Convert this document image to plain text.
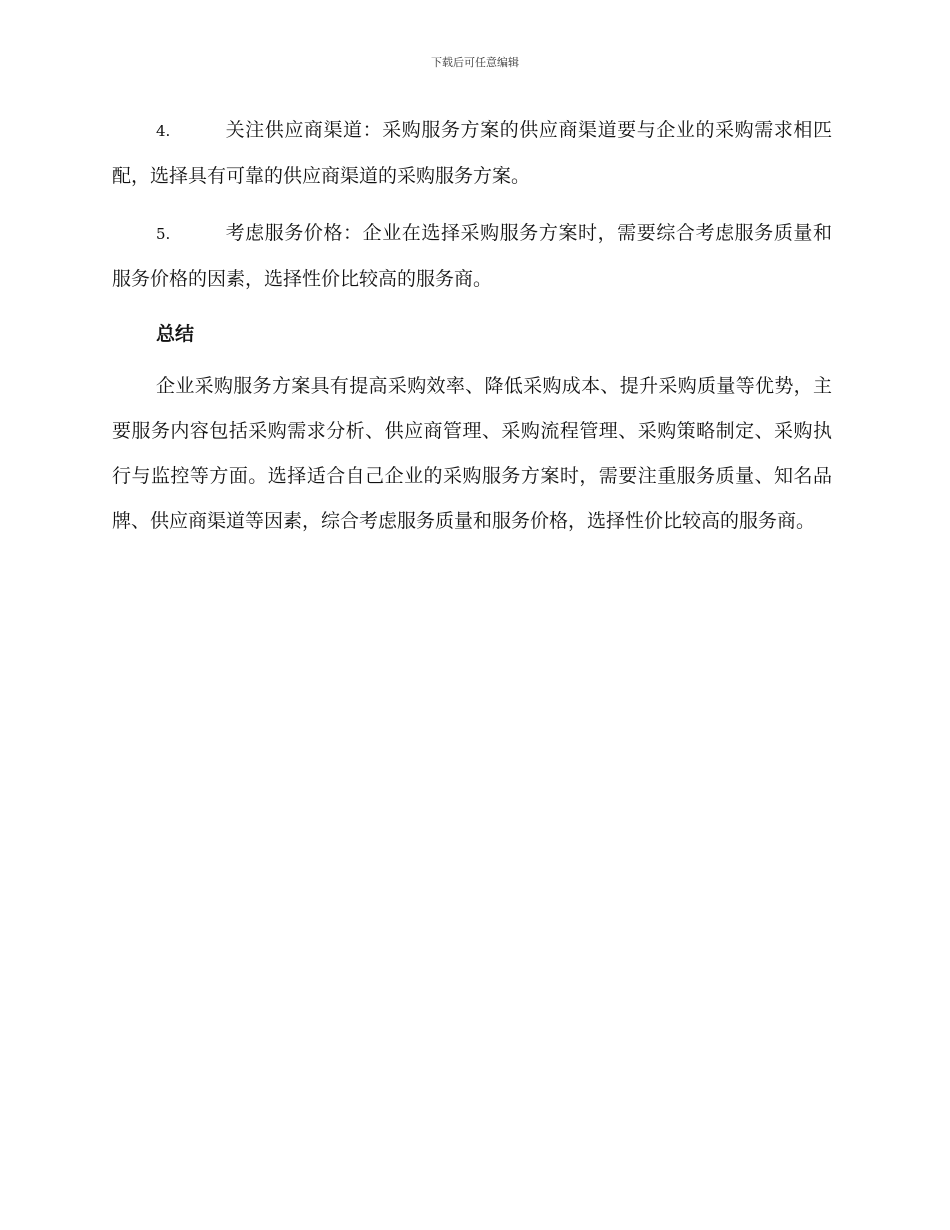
下载后可任意编辑

4.	关注供应商渠道：采购服务方案的供应商渠道要与企业的采购需求相匹配，选择具有可靠的供应商渠道的采购服务方案。

5.	考虑服务价格：企业在选择采购服务方案时，需要综合考虑服务质量和服务价格的因素，选择性价比较高的服务商。

总结

企业采购服务方案具有提高采购效率、降低采购成本、提升采购质量等优势，主要服务内容包括采购需求分析、供应商管理、采购流程管理、采购策略制定、采购执行与监控等方面。选择适合自己企业的采购服务方案时，需要注重服务质量、知名品牌、供应商渠道等因素，综合考虑服务质量和服务价格，选择性价比较高的服务商。
